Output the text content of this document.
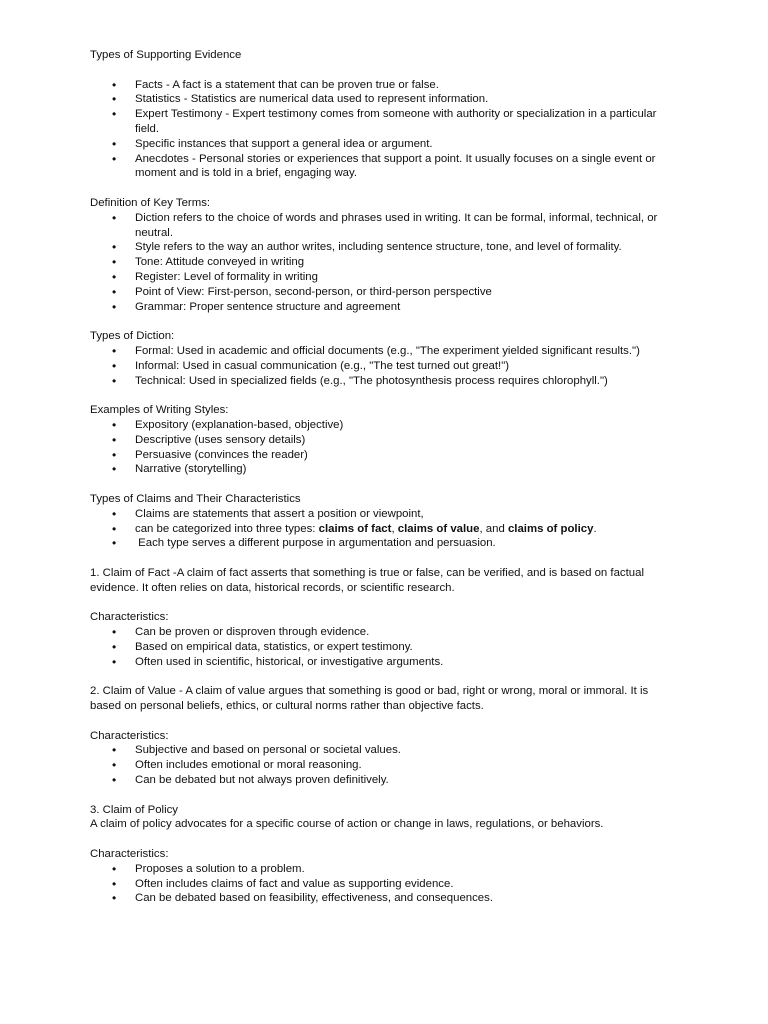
Types of Supporting Evidence

• Facts - A fact is a statement that can be proven true or false.
• Statistics - Statistics are numerical data used to represent information.
• Expert Testimony - Expert testimony comes from someone with authority or specialization in a particular field.
• Specific instances that support a general idea or argument.
• Anecdotes - Personal stories or experiences that support a point. It usually focuses on a single event or moment and is told in a brief, engaging way.

Definition of Key Terms:

• Diction refers to the choice of words and phrases used in writing. It can be formal, informal, technical, or neutral.
• Style refers to the way an author writes, including sentence structure, tone, and level of formality.
• Tone: Attitude conveyed in writing
• Register: Level of formality in writing
• Point of View: First-person, second-person, or third-person perspective
• Grammar: Proper sentence structure and agreement

Types of Diction:

• Formal: Used in academic and official documents (e.g., "The experiment yielded significant results.")
• Informal: Used in casual communication (e.g., "The test turned out great!")
• Technical: Used in specialized fields (e.g., "The photosynthesis process requires chlorophyll.")

Examples of Writing Styles:

• Expository (explanation-based, objective)
• Descriptive (uses sensory details)
• Persuasive (convinces the reader)
• Narrative (storytelling)

Types of Claims and Their Characteristics

• Claims are statements that assert a position or viewpoint,
• can be categorized into three types: claims of fact, claims of value, and claims of policy.
•  Each type serves a different purpose in argumentation and persuasion.

1. Claim of Fact -A claim of fact asserts that something is true or false, can be verified, and is based on factual evidence. It often relies on data, historical records, or scientific research.

Characteristics:

• Can be proven or disproven through evidence.
• Based on empirical data, statistics, or expert testimony.
• Often used in scientific, historical, or investigative arguments.

2. Claim of Value - A claim of value argues that something is good or bad, right or wrong, moral or immoral. It is based on personal beliefs, ethics, or cultural norms rather than objective facts.

Characteristics:

• Subjective and based on personal or societal values.
• Often includes emotional or moral reasoning.
• Can be debated but not always proven definitively.

3. Claim of Policy

A claim of policy advocates for a specific course of action or change in laws, regulations, or behaviors.

Characteristics:

• Proposes a solution to a problem.
• Often includes claims of fact and value as supporting evidence.
• Can be debated based on feasibility, effectiveness, and consequences.
